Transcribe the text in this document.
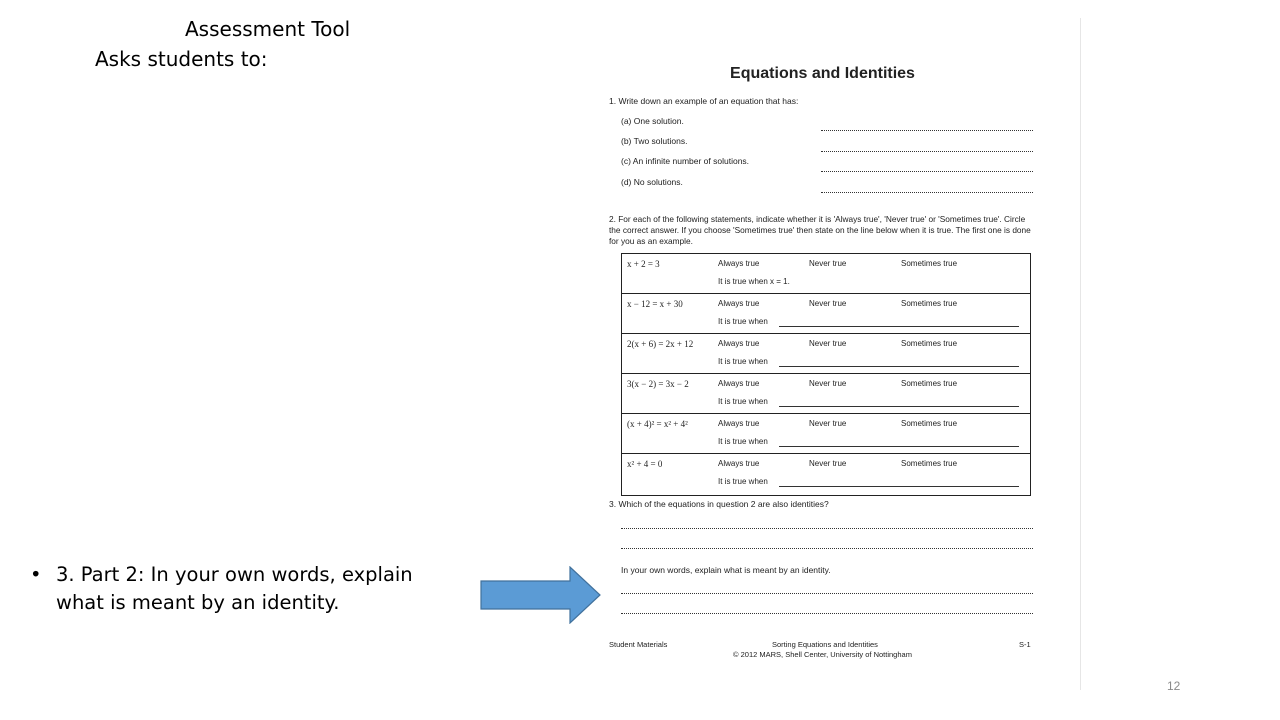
Assessment Tool
Asks students to:
• 3. Part 2: In your own words, explain what is meant by an identity.
12
Equations and Identities
1. Write down an example of an equation that has:
(a) One solution.
(b) Two solutions.
(c) An infinite number of solutions.
(d) No solutions.
2. For each of the following statements, indicate whether it is 'Always true', 'Never true' or 'Sometimes true'. Circle the correct answer. If you choose 'Sometimes true' then state on the line below when it is true. The first one is done for you as an example.
x + 2 = 3	Always true	Never true	Sometimes true
It is true when x = 1.
x − 12 = x + 30	Always true	Never true	Sometimes true
It is true when
2(x + 6) = 2x + 12	Always true	Never true	Sometimes true
It is true when
3(x − 2) = 3x − 2	Always true	Never true	Sometimes true
It is true when
(x + 4)² = x² + 4²	Always true	Never true	Sometimes true
It is true when
x² + 4 = 0	Always true	Never true	Sometimes true
It is true when
3. Which of the equations in question 2 are also identities?
In your own words, explain what is meant by an identity.
Student Materials	Sorting Equations and Identities	S-1
© 2012 MARS, Shell Center, University of Nottingham
